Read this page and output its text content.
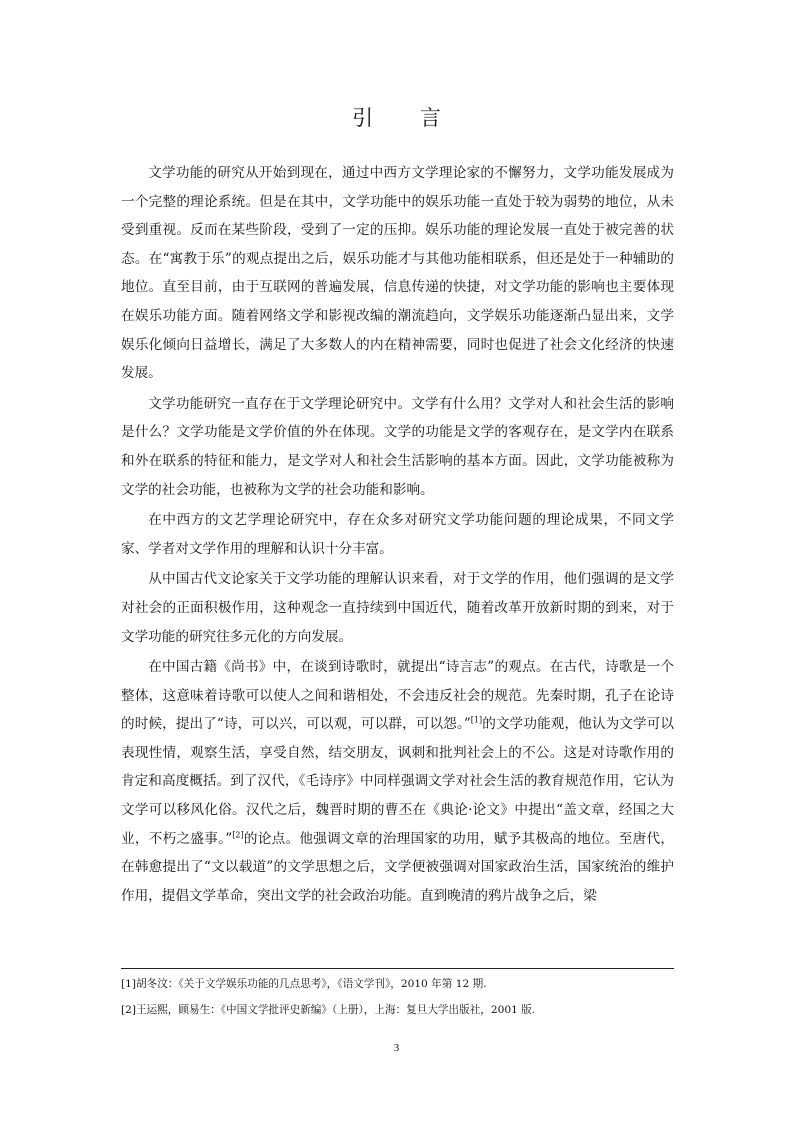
引 言

文学功能的研究从开始到现在，通过中西方文学理论家的不懈努力，文学功能发展成为一个完整的理论系统。但是在其中，文学功能中的娱乐功能一直处于较为弱势的地位，从未受到重视。反而在某些阶段，受到了一定的压抑。娱乐功能的理论发展一直处于被完善的状态。在“寓教于乐”的观点提出之后，娱乐功能才与其他功能相联系，但还是处于一种辅助的地位。直至目前，由于互联网的普遍发展，信息传递的快捷，对文学功能的影响也主要体现在娱乐功能方面。随着网络文学和影视改编的潮流趋向，文学娱乐功能逐渐凸显出来，文学娱乐化倾向日益增长，满足了大多数人的内在精神需要，同时也促进了社会文化经济的快速发展。

文学功能研究一直存在于文学理论研究中。文学有什么用？文学对人和社会生活的影响是什么？文学功能是文学价值的外在体现。文学的功能是文学的客观存在，是文学内在联系和外在联系的特征和能力，是文学对人和社会生活影响的基本方面。因此，文学功能被称为文学的社会功能，也被称为文学的社会功能和影响。

在中西方的文艺学理论研究中，存在众多对研究文学功能问题的理论成果，不同文学家、学者对文学作用的理解和认识十分丰富。

从中国古代文论家关于文学功能的理解认识来看，对于文学的作用，他们强调的是文学对社会的正面积极作用，这种观念一直持续到中国近代，随着改革开放新时期的到来，对于文学功能的研究往多元化的方向发展。

在中国古籍《尚书》中，在谈到诗歌时，就提出“诗言志”的观点。在古代，诗歌是一个整体，这意味着诗歌可以使人之间和谐相处，不会违反社会的规范。先秦时期，孔子在论诗的时候，提出了“诗，可以兴，可以观，可以群，可以怨。”[1]的文学功能观，他认为文学可以表现性情，观察生活，享受自然，结交朋友，讽刺和批判社会上的不公。这是对诗歌作用的肯定和高度概括。到了汉代，《毛诗序》中同样强调文学对社会生活的教育规范作用，它认为文学可以移风化俗。汉代之后，魏晋时期的曹丕在《典论·论文》中提出“盖文章，经国之大业，不朽之盛事。”[2]的论点。他强调文章的治理国家的功用，赋予其极高的地位。至唐代，在韩愈提出了“文以载道”的文学思想之后，文学便被强调对国家政治生活，国家统治的维护作用，提倡文学革命，突出文学的社会政治功能。直到晚清的鸦片战争之后，梁

[1]胡冬汶：《关于文学娱乐功能的几点思考》，《语文学刊》，2010 年第 12 期.

[2]王运熙，顾易生：《中国文学批评史新编》（上册），上海：复旦大学出版社，2001 版.

3
